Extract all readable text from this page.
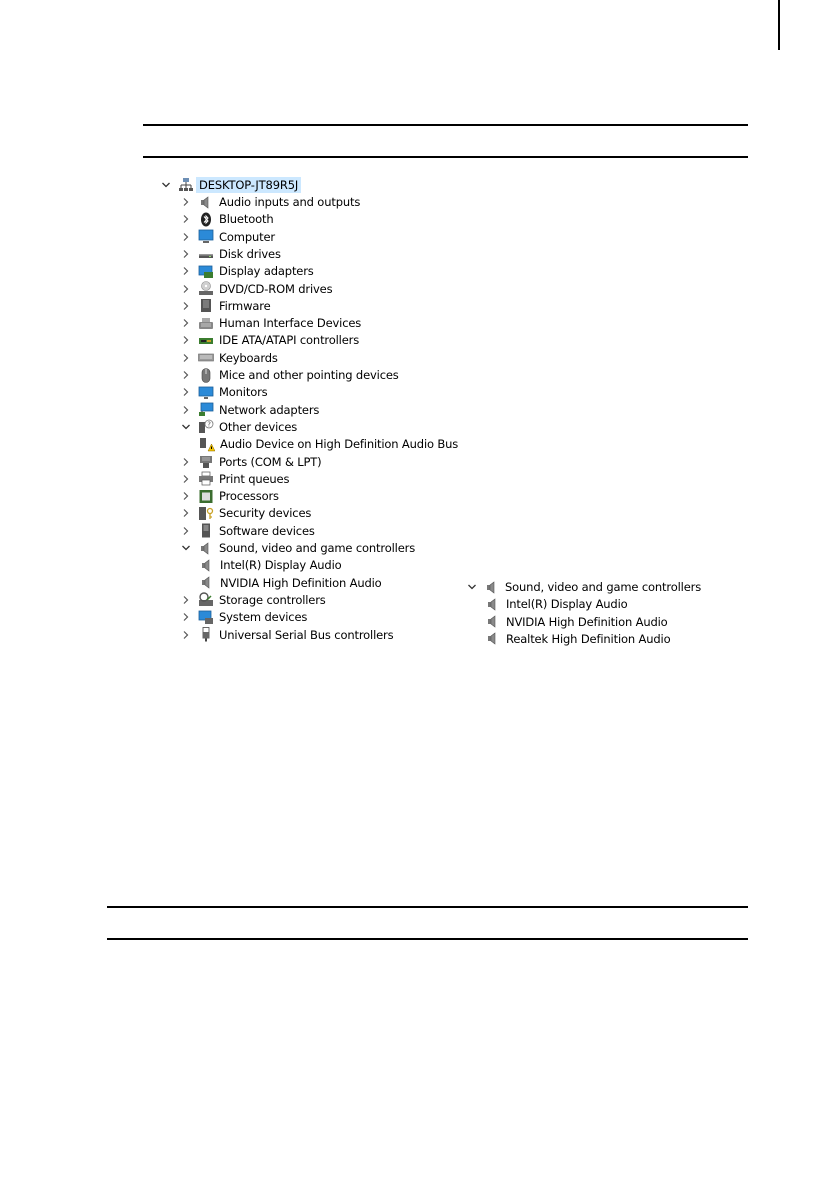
DESKTOP-JT89R5J
Audio inputs and outputs
Bluetooth
Computer
Disk drives
Display adapters
DVD/CD-ROM drives
Firmware
Human Interface Devices
IDE ATA/ATAPI controllers
Keyboards
Mice and other pointing devices
Monitors
Network adapters
? Other devices
Audio Device on High Definition Audio Bus
Ports (COM & LPT)
Print queues
Processors
Security devices
Software devices
Sound, video and game controllers
Intel(R) Display Audio
NVIDIA High Definition Audio
Storage controllers
System devices
Universal Serial Bus controllers
Sound, video and game controllers
Intel(R) Display Audio
NVIDIA High Definition Audio
Realtek High Definition Audio
